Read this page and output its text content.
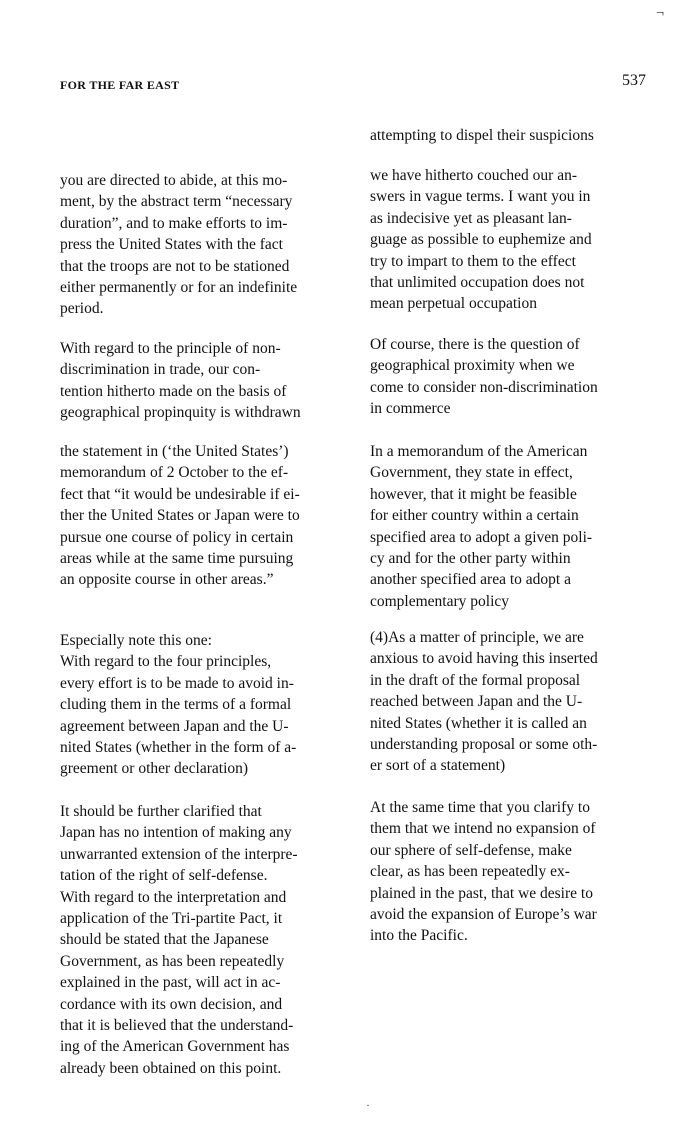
¬
FOR THE FAR EAST	537

you are directed to abide, at this mo-
ment, by the abstract term “necessary
duration”, and to make efforts to im-
press the United States with the fact
that the troops are not to be stationed
either permanently or for an indefinite
period.

With regard to the principle of non-
discrimination in trade, our con-
tention hitherto made on the basis of
geographical propinquity is withdrawn

the statement in (‘the United States’)
memorandum of 2 October to the ef-
fect that “it would be undesirable if ei-
ther the United States or Japan were to
pursue one course of policy in certain
areas while at the same time pursuing
an opposite course in other areas.”

Especially note this one:
With regard to the four principles,
every effort is to be made to avoid in-
cluding them in the terms of a formal
agreement between Japan and the U-
nited States (whether in the form of a-
greement or other declaration)

It should be further clarified that
Japan has no intention of making any
unwarranted extension of the interpre-
tation of the right of self-defense.
With regard to the interpretation and
application of the Tri-partite Pact, it
should be stated that the Japanese
Government, as has been repeatedly
explained in the past, will act in ac-
cordance with its own decision, and
that it is believed that the understand-
ing of the American Government has
already been obtained on this point.

attempting to dispel their suspicions

we have hitherto couched our an-
swers in vague terms. I want you in
as indecisive yet as pleasant lan-
guage as possible to euphemize and
try to impart to them to the effect
that unlimited occupation does not
mean perpetual occupation

Of course, there is the question of
geographical proximity when we
come to consider non-discrimination
in commerce

In a memorandum of the American
Government, they state in effect,
however, that it might be feasible
for either country within a certain
specified area to adopt a given poli-
cy and for the other party within
another specified area to adopt a
complementary policy

(4)As a matter of principle, we are
anxious to avoid having this inserted
in the draft of the formal proposal
reached between Japan and the U-
nited States (whether it is called an
understanding proposal or some oth-
er sort of a statement)

At the same time that you clarify to
them that we intend no expansion of
our sphere of self-defense, make
clear, as has been repeatedly ex-
plained in the past, that we desire to
avoid the expansion of Europe’s war
into the Pacific.

·
